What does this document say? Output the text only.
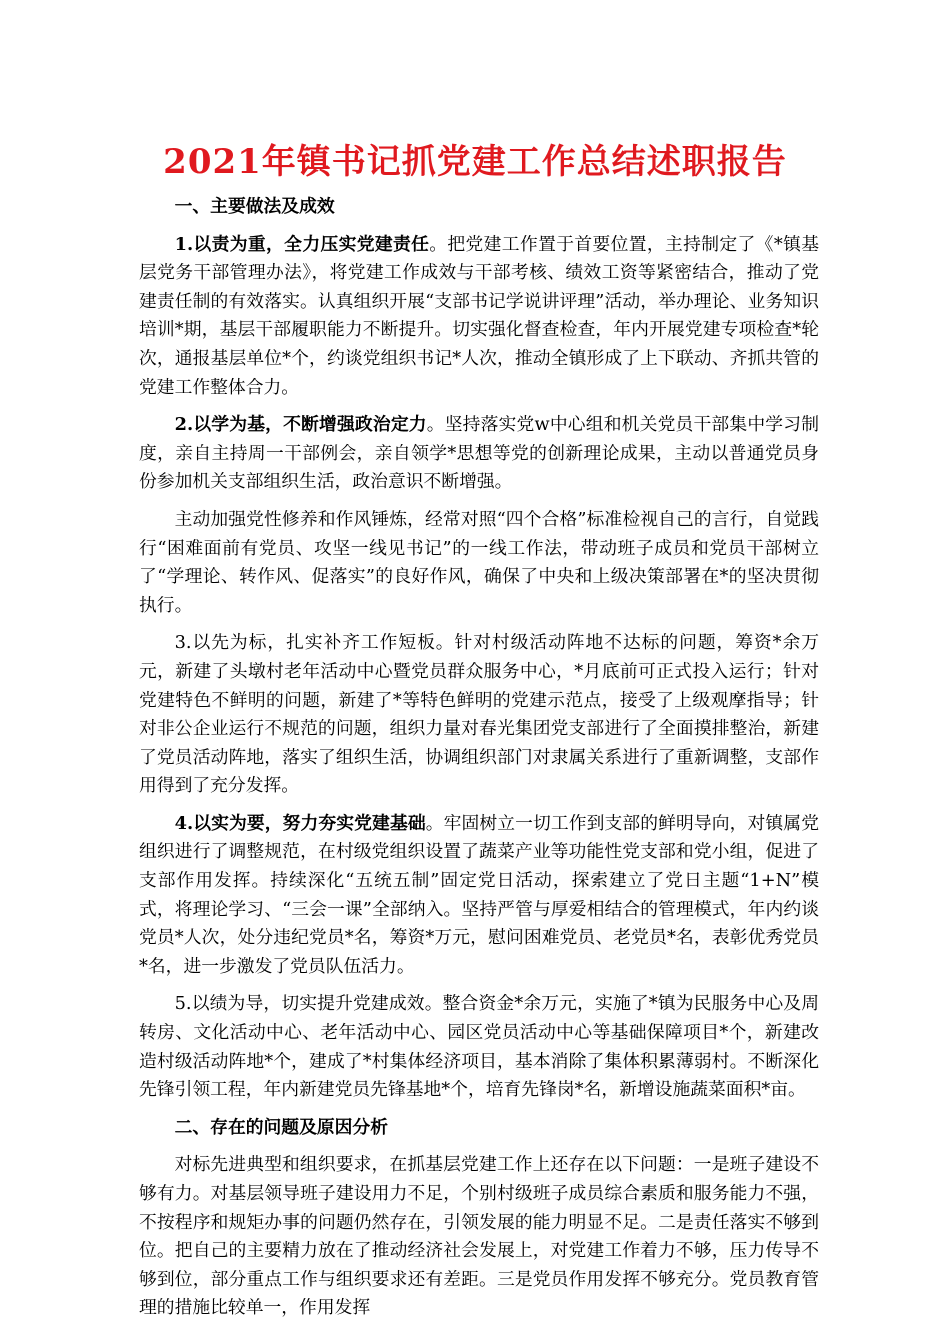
2021年镇书记抓党建工作总结述职报告

一、主要做法及成效

1.以责为重，全力压实党建责任。把党建工作置于首要位置，主持制定了《*镇基层党务干部管理办法》，将党建工作成效与干部考核、绩效工资等紧密结合，推动了党建责任制的有效落实。认真组织开展“支部书记学说讲评理”活动，举办理论、业务知识培训*期，基层干部履职能力不断提升。切实强化督查检查，年内开展党建专项检查*轮次，通报基层单位*个，约谈党组织书记*人次，推动全镇形成了上下联动、齐抓共管的党建工作整体合力。

2.以学为基，不断增强政治定力。坚持落实党w中心组和机关党员干部集中学习制度，亲自主持周一干部例会，亲自领学*思想等党的创新理论成果，主动以普通党员身份参加机关支部组织生活，政治意识不断增强。

主动加强党性修养和作风锤炼，经常对照“四个合格”标准检视自己的言行，自觉践行“困难面前有党员、攻坚一线见书记”的一线工作法，带动班子成员和党员干部树立了“学理论、转作风、促落实”的良好作风，确保了中央和上级决策部署在*的坚决贯彻执行。

3.以先为标，扎实补齐工作短板。针对村级活动阵地不达标的问题，筹资*余万元，新建了头墩村老年活动中心暨党员群众服务中心，*月底前可正式投入运行；针对党建特色不鲜明的问题，新建了*等特色鲜明的党建示范点，接受了上级观摩指导；针对非公企业运行不规范的问题，组织力量对春光集团党支部进行了全面摸排整治，新建了党员活动阵地，落实了组织生活，协调组织部门对隶属关系进行了重新调整，支部作用得到了充分发挥。

4.以实为要，努力夯实党建基础。牢固树立一切工作到支部的鲜明导向，对镇属党组织进行了调整规范，在村级党组织设置了蔬菜产业等功能性党支部和党小组，促进了支部作用发挥。持续深化“五统五制”固定党日活动，探索建立了党日主题“1+N”模式，将理论学习、“三会一课”全部纳入。坚持严管与厚爱相结合的管理模式，年内约谈党员*人次，处分违纪党员*名，筹资*万元，慰问困难党员、老党员*名，表彰优秀党员*名，进一步激发了党员队伍活力。

5.以绩为导，切实提升党建成效。整合资金*余万元，实施了*镇为民服务中心及周转房、文化活动中心、老年活动中心、园区党员活动中心等基础保障项目*个，新建改造村级活动阵地*个，建成了*村集体经济项目，基本消除了集体积累薄弱村。不断深化先锋引领工程，年内新建党员先锋基地*个，培育先锋岗*名，新增设施蔬菜面积*亩。

二、存在的问题及原因分析

对标先进典型和组织要求，在抓基层党建工作上还存在以下问题：一是班子建设不够有力。对基层领导班子建设用力不足，个别村级班子成员综合素质和服务能力不强，不按程序和规矩办事的问题仍然存在，引领发展的能力明显不足。二是责任落实不够到位。把自己的主要精力放在了推动经济社会发展上，对党建工作着力不够，压力传导不够到位，部分重点工作与组织要求还有差距。三是党员作用发挥不够充分。党员教育管理的措施比较单一，作用发挥
